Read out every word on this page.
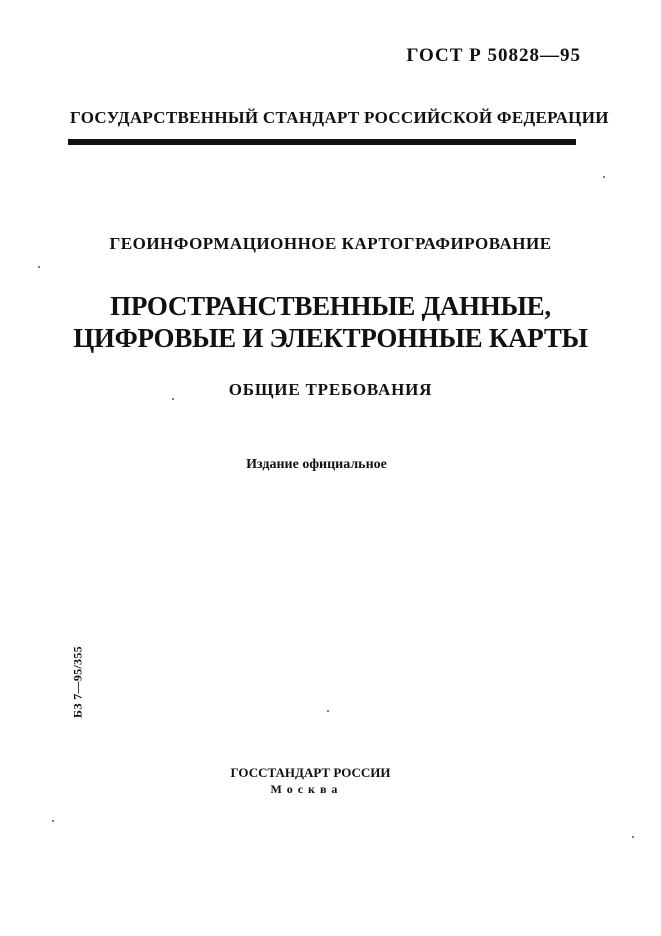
ГОСТ Р 50828—95
ГОСУДАРСТВЕННЫЙ СТАНДАРТ РОССИЙСКОЙ ФЕДЕРАЦИИ
ГЕОИНФОРМАЦИОННОЕ КАРТОГРАФИРОВАНИЕ
ПРОСТРАНСТВЕННЫЕ ДАННЫЕ,
ЦИФРОВЫЕ И ЭЛЕКТРОННЫЕ КАРТЫ
ОБЩИЕ ТРЕБОВАНИЯ
Издание официальное
БЗ 7—95/355
ГОССТАНДАРТ РОССИИ
Москва
